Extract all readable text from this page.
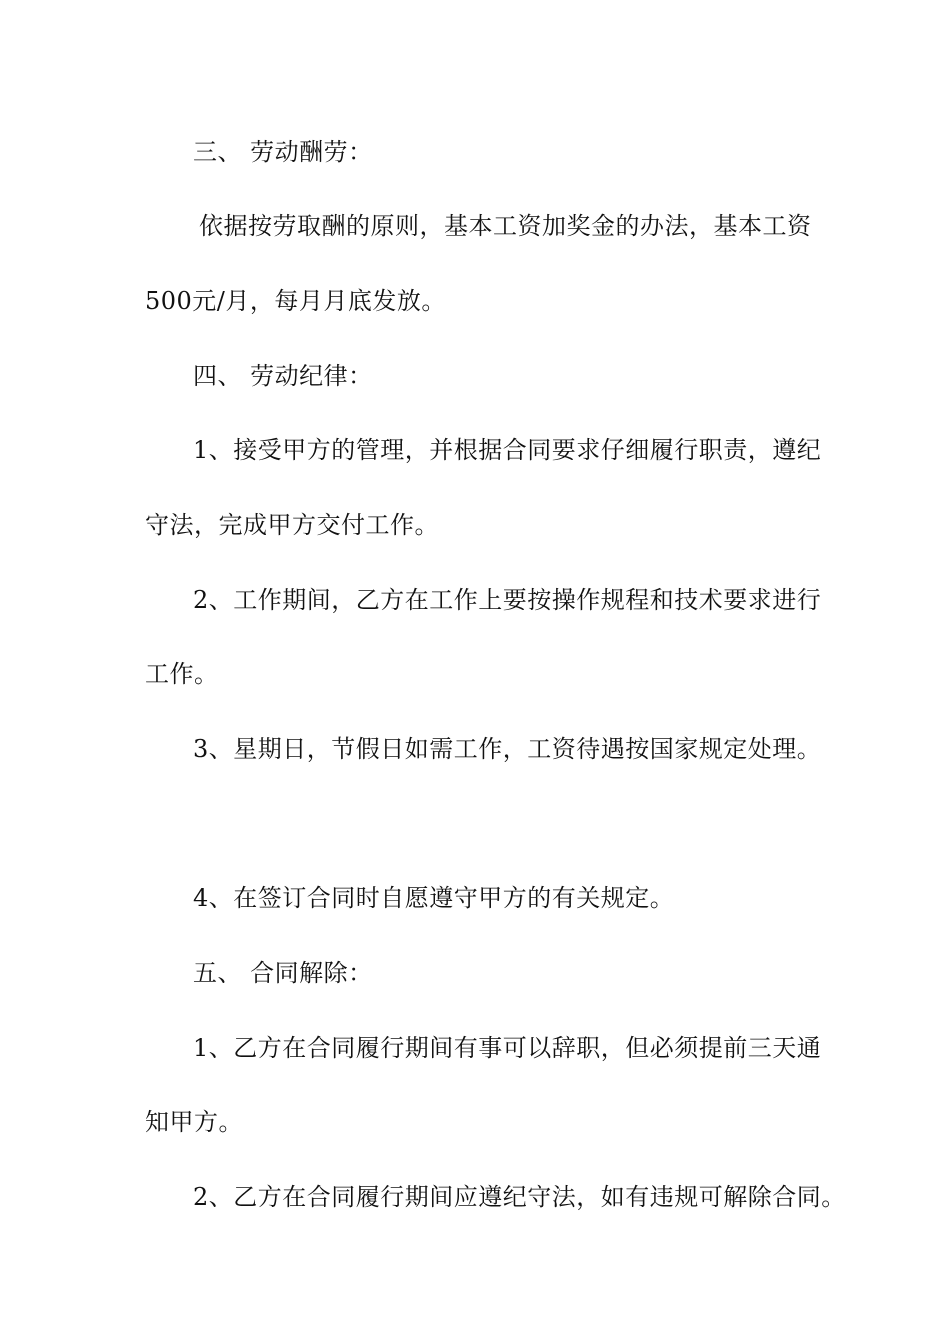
三、 劳动酬劳：
依据按劳取酬的原则，基本工资加奖金的办法，基本工资
500元/月，每月月底发放。
四、 劳动纪律：
1、接受甲方的管理，并根据合同要求仔细履行职责，遵纪
守法，完成甲方交付工作。
2、工作期间，乙方在工作上要按操作规程和技术要求进行
工作。
3、星期日，节假日如需工作，工资待遇按国家规定处理。
4、在签订合同时自愿遵守甲方的有关规定。
五、 合同解除：
1、乙方在合同履行期间有事可以辞职，但必须提前三天通
知甲方。
2、乙方在合同履行期间应遵纪守法，如有违规可解除合同。
